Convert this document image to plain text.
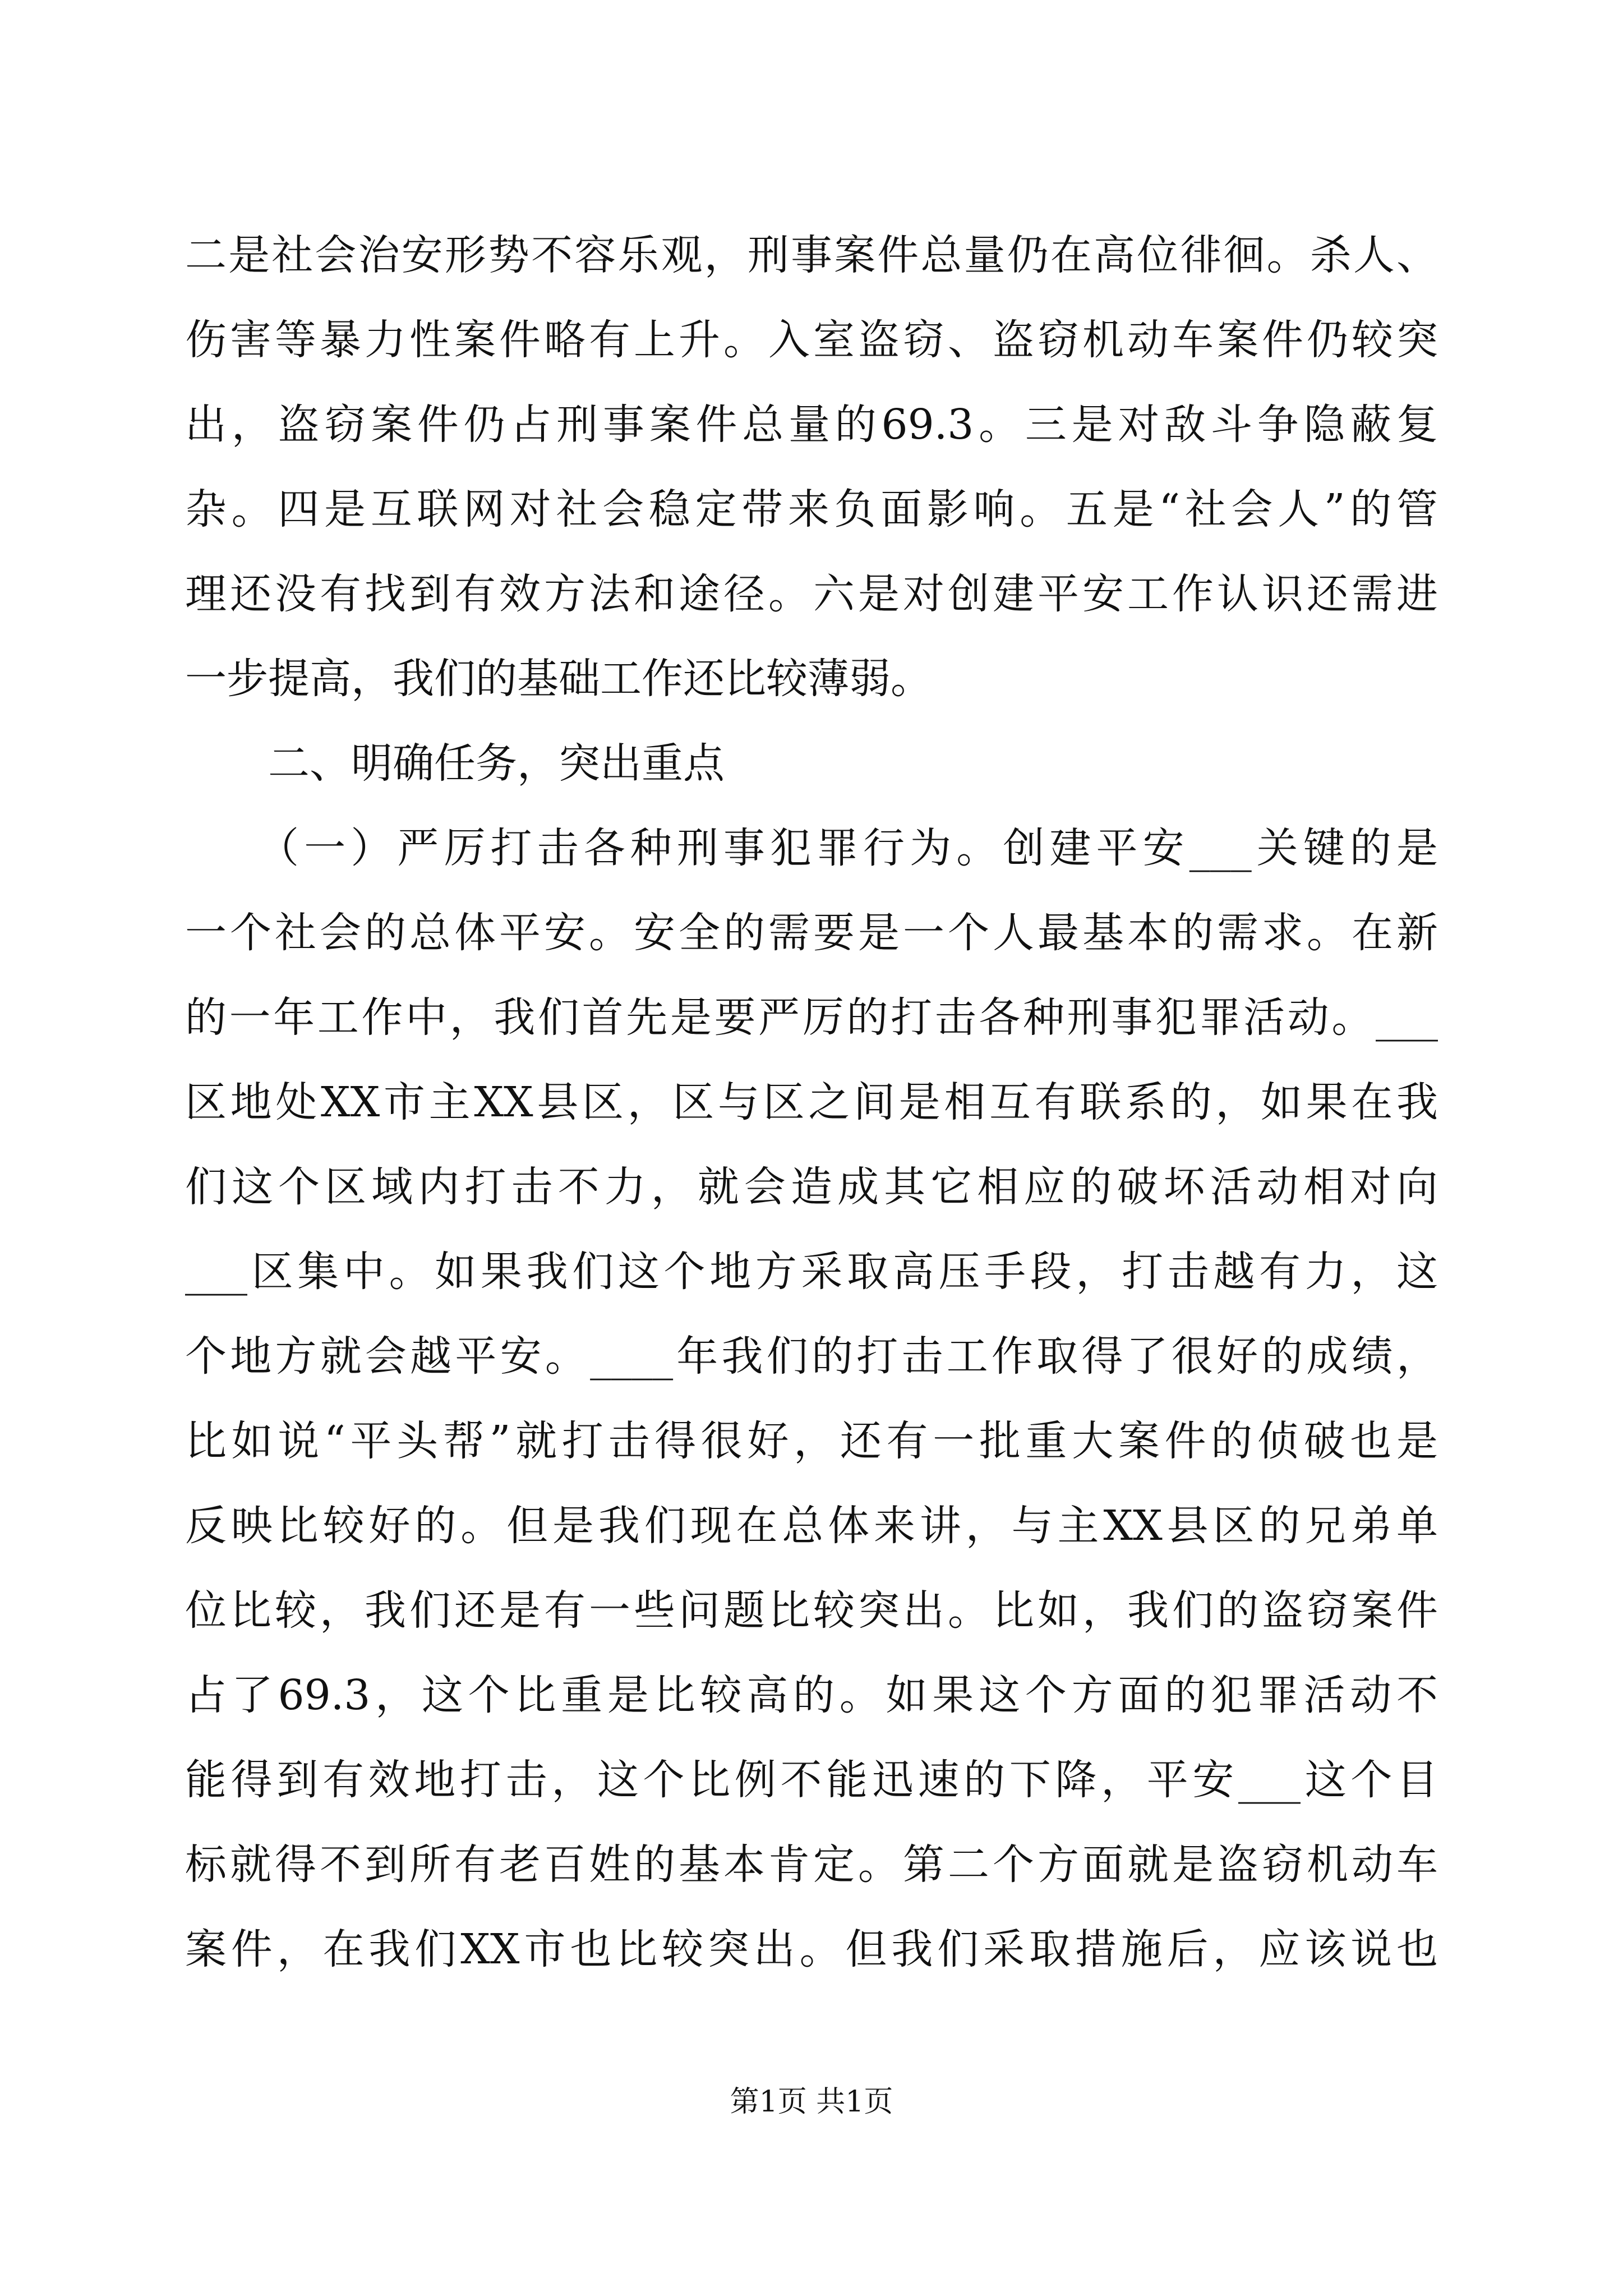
二是社会治安形势不容乐观，刑事案件总量仍在高位徘徊。杀人、
伤害等暴力性案件略有上升。入室盗窃、盗窃机动车案件仍较突
出，盗窃案件仍占刑事案件总量的69.3。三是对敌斗争隐蔽复
杂。四是互联网对社会稳定带来负面影响。五是“社会人”的管
理还没有找到有效方法和途径。六是对创建平安工作认识还需进
一步提高，我们的基础工作还比较薄弱。
　　二、明确任务，突出重点
　　（一）严厉打击各种刑事犯罪行为。创建平安___关键的是
一个社会的总体平安。安全的需要是一个人最基本的需求。在新
的一年工作中，我们首先是要严厉的打击各种刑事犯罪活动。___
区地处XX市主XX县区，区与区之间是相互有联系的，如果在我
们这个区域内打击不力，就会造成其它相应的破坏活动相对向
___区集中。如果我们这个地方采取高压手段，打击越有力，这
个地方就会越平安。____年我们的打击工作取得了很好的成绩，
比如说“平头帮”就打击得很好，还有一批重大案件的侦破也是
反映比较好的。但是我们现在总体来讲，与主XX县区的兄弟单
位比较，我们还是有一些问题比较突出。比如，我们的盗窃案件
占了69.3，这个比重是比较高的。如果这个方面的犯罪活动不
能得到有效地打击，这个比例不能迅速的下降，平安___这个目
标就得不到所有老百姓的基本肯定。第二个方面就是盗窃机动车
案件，在我们XX市也比较突出。但我们采取措施后，应该说也
第1页 共1页
